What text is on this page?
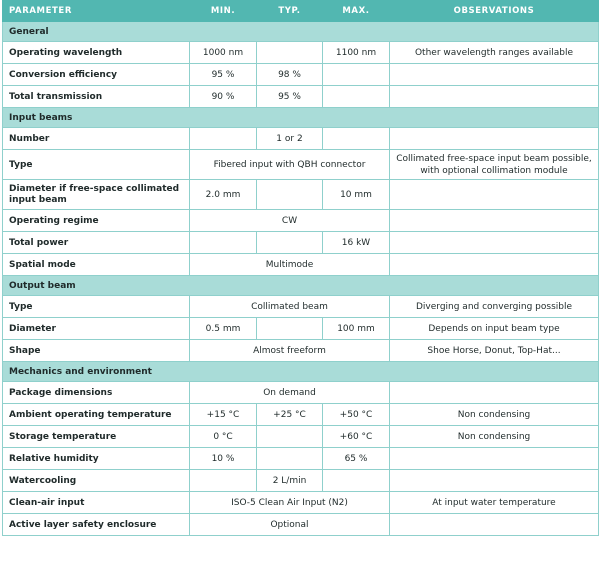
PARAMETER	MIN.	TYP.	MAX.	OBSERVATIONS
General				
Operating wavelength	1000 nm		1100 nm	Other wavelength ranges available
Conversion efficiency	95 %	98 %		
Total transmission	90 %	95 %		
Input beams				
Number		1 or 2		
Type	Fibered input with QBH connector			Collimated free-space input beam possible,
with optional collimation module
Diameter if free-space collimated
input beam	2.0 mm		10 mm	
Operating regime	CW			
Total power			16 kW	
Spatial mode	Multimode			
Output beam				
Type	Collimated beam			Diverging and converging possible
Diameter	0.5 mm		100 mm	Depends on input beam type
Shape	Almost freeform			Shoe Horse, Donut, Top-Hat...
Mechanics and environment				
Package dimensions	On demand			
Ambient operating temperature	+15 °C	+25 °C	+50 °C	Non condensing
Storage temperature	0 °C		+60 °C	Non condensing
Relative humidity	10 %		65 %	
Watercooling		2 L/min		
Clean-air input	ISO-5 Clean Air Input (N2)			At input water temperature
Active layer safety enclosure	Optional			
